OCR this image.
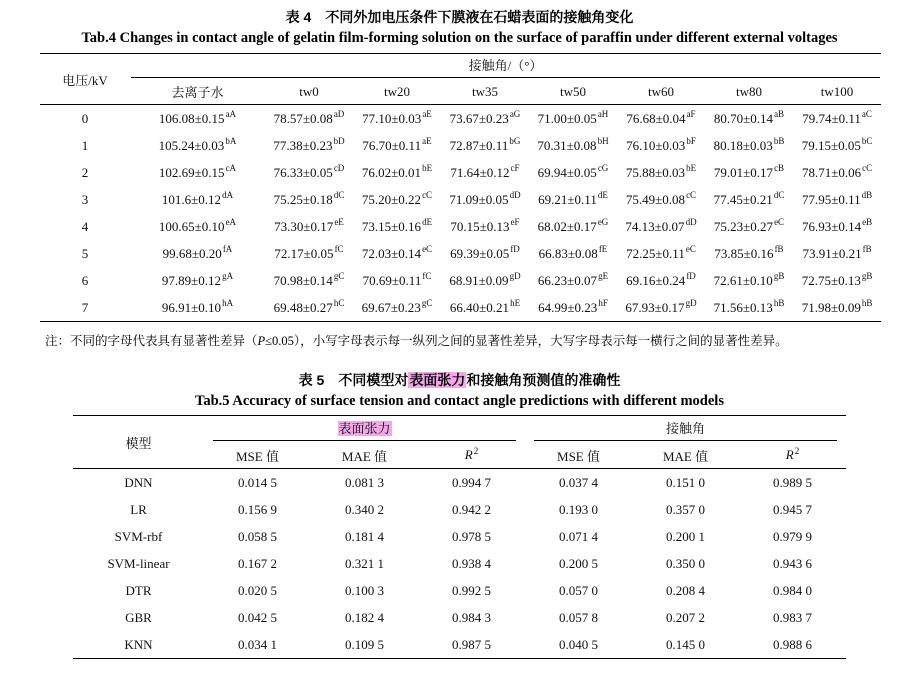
表 4　不同外加电压条件下膜液在石蜡表面的接触角变化
Tab.4 Changes in contact angle of gelatin film-forming solution on the surface of paraffin under different external voltages
电压/kV	接触角/（°）							

	去离子水	tw0	tw20	tw35	tw50	tw60	tw80	tw100
0	$106.08\pm 0.15^{aA}$	$78.57\pm 0.08^{aD}$	$77.10\pm 0.03^{aE}$	$73.67\pm 0.23^{aG}$	$71.00\pm 0.05^{aH}$	$76.68\pm 0.04^{aF}$	$80.70\pm 0.14^{aB}$	$79.74\pm 0.11^{aC}$
1	$105.24\pm 0.03^{bA}$	$77.38\pm 0.23^{bD}$	$76.70\pm 0.11^{aE}$	$72.87\pm 0.11^{bG}$	$70.31\pm 0.08^{bH}$	$76.10\pm 0.03^{bF}$	$80.18\pm 0.03^{bB}$	$79.15\pm 0.05^{bC}$
2	$102.69\pm 0.15^{cA}$	$76.33\pm 0.05^{cD}$	$76.02\pm 0.01^{bE}$	$71.64\pm 0.12^{cF}$	$69.94\pm 0.05^{cG}$	$75.88\pm 0.03^{bE}$	$79.01\pm 0.17^{cB}$	$78.71\pm 0.06^{cC}$
3	$101.6\pm 0.12^{dA}$	$75.25\pm 0.18^{dC}$	$75.20\pm 0.22^{cC}$	$71.09\pm 0.05^{dD}$	69.21±0.11dE	$75.49\pm 0.08^{cC}$	$77.45\pm 0.21^{dC}$	$77.95\pm 0.11^{dB}$
4	$100.65\pm 0.10^{eA}$	$73.30\pm 0.17^{eE}$	73.15±0.16dE	$70.15\pm 0.13^{eF}$	$68.02\pm 0.17^{eG}$	$74.13\pm 0.07^{dD}$	$75.23\pm 0.27^{eC}$	$76.93\pm 0.14^{eB}$
5	$99.68\pm 0.20^{fA}$	$72.17\pm 0.05^{fC}$	$72.03\pm 0.14^{eC}$	$69.39\pm 0.05^{fD}$	$66.83\pm 0.08^{fE}$	$72.25\pm 0.11^{eC}$	$73.85\pm 0.16^{fB}$	$73.91\pm 0.21^{fB}$
6	$97.89\pm 0.12^{gA}$	$70.98\pm 0.14^{gC}$	$70.69\pm 0.11^{fC}$	$68.91\pm 0.09^{gD}$	$66.23\pm 0.07^{gE}$	$69.16\pm 0.24^{fD}$	$72.61\pm 0.10^{gB}$	$72.75\pm 0.13^{gB}$
7	$96.91\pm 0.10^{hA}$	$69.48\pm 0.27^{hC}$	$69.67\pm 0.23^{gC}$	$66.40\pm 0.21^{hE}$	$64.99\pm 0.23^{hF}$	$67.93\pm 0.17^{gD}$	$71.56\pm 0.13^{hB}$	$71.98\pm 0.09^{hB}$
注：不同的字母代表具有显著性差异（P≤0.05），小写字母表示每一纵列之间的显著性差异，大写字母表示每一横行之间的显著性差异。
表 5　不同模型对表面张力和接触角预测值的准确性
Tab.5 Accuracy of surface tension and contact angle predictions with different models
模型	表面张力			接触角		

	MSE 值	MAE 值	$R^2$	MSE 值	MAE 值	$R^2$
DNN	0.014 5	0.081 3	0.994 7	0.037 4	0.151 0	0.989 5
LR	0.156 9	0.340 2	0.942 2	0.193 0	0.357 0	0.945 7
SVM-rbf	0.058 5	0.181 4	0.978 5	0.071 4	0.200 1	0.979 9
SVM-linear	0.167 2	0.321 1	0.938 4	0.200 5	0.350 0	0.943 6
DTR	0.020 5	0.100 3	0.992 5	0.057 0	0.208 4	0.984 0
GBR	0.042 5	0.182 4	0.984 3	0.057 8	0.207 2	0.983 7
KNN	0.034 1	0.109 5	0.987 5	0.040 5	0.145 0	0.988 6
